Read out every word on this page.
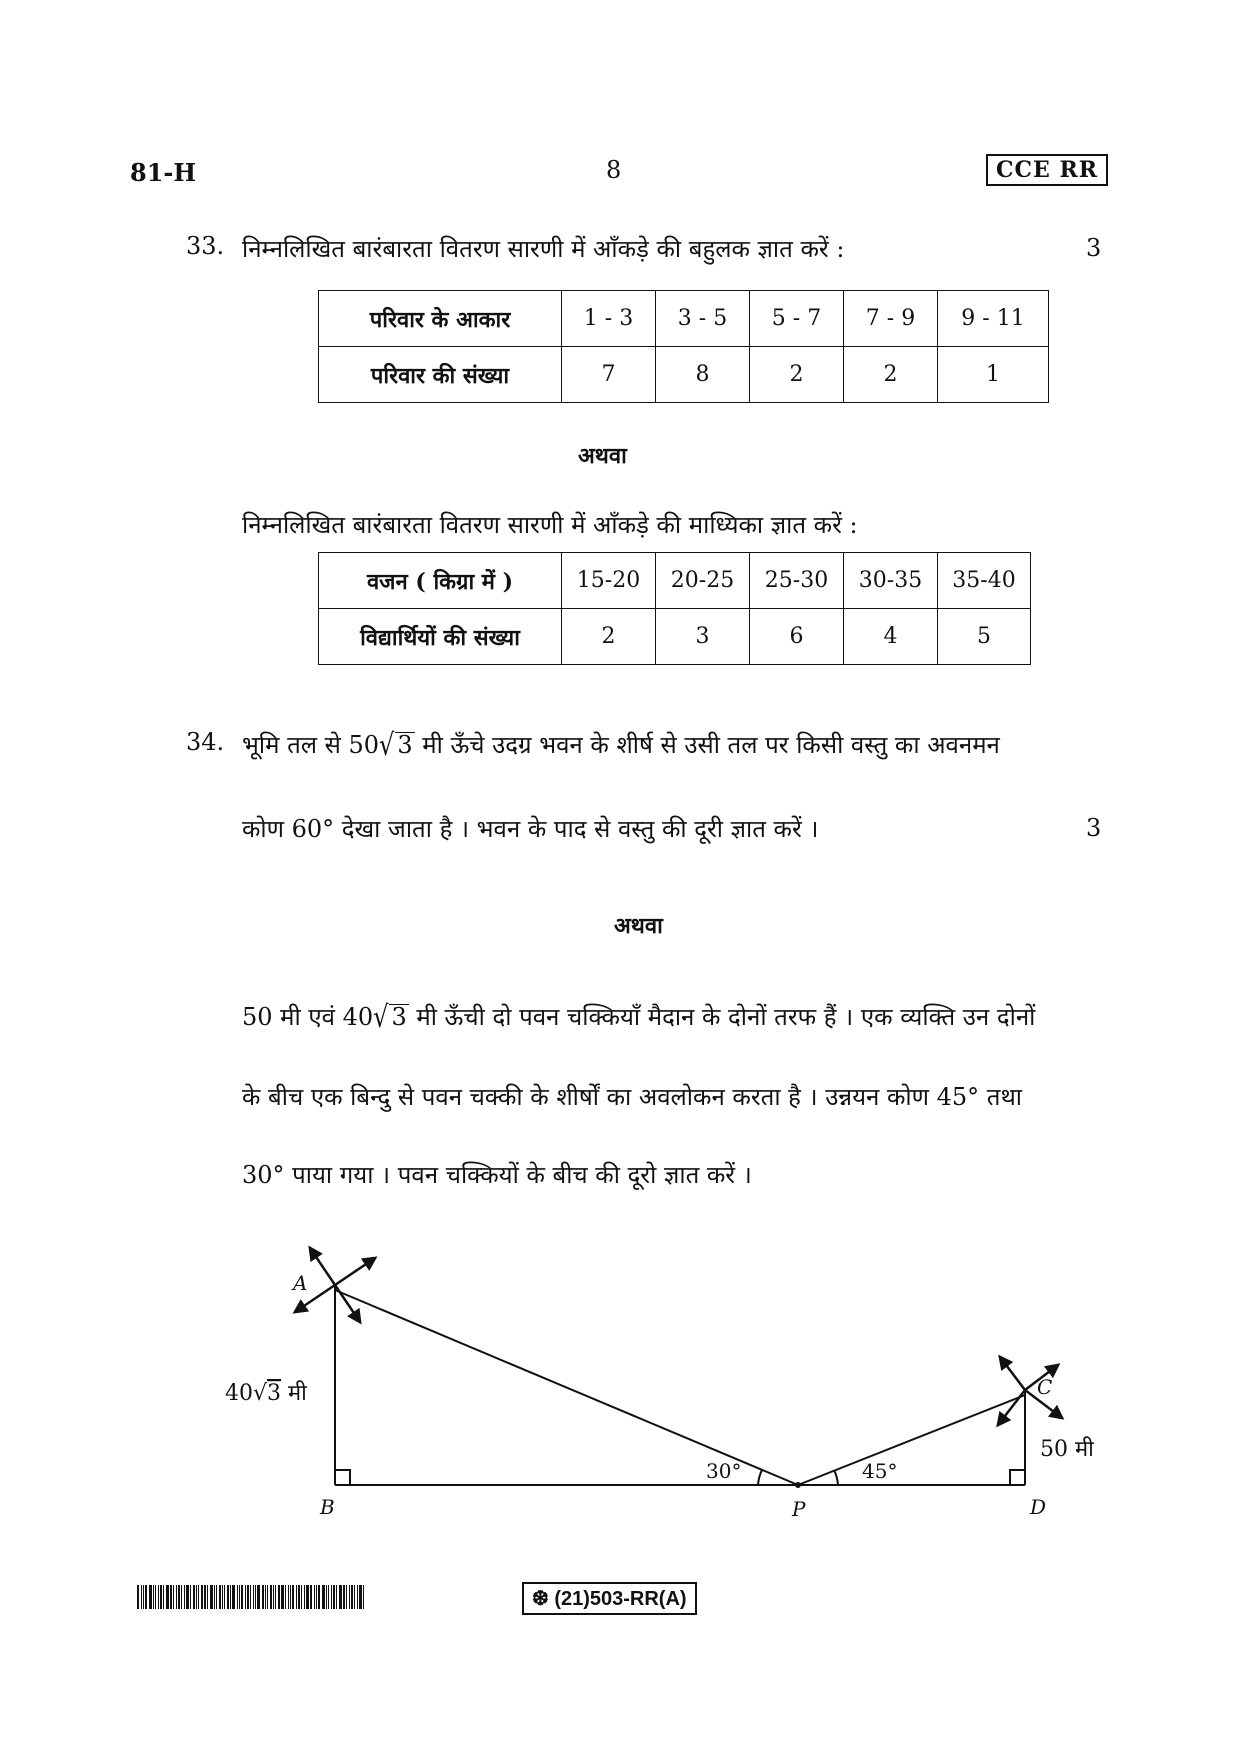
81-H	8	CCE RR
33. निम्नलिखित बारंबारता वितरण सारणी में आँकड़े की बहुलक ज्ञात करें :	3
परिवार के आकार	1 - 3	3 - 5	5 - 7	7 - 9	9 - 11
परिवार की संख्या	7	8	2	2	1
अथवा
निम्नलिखित बारंबारता वितरण सारणी में आँकड़े की माध्यिका ज्ञात करें :
वजन ( किग्रा में )	15-20	20-25	25-30	30-35	35-40
विद्यार्थियों की संख्या	2	3	6	4	5
34. भूमि तल से 50√ 3 मी ऊँचे उदग्र भवन के शीर्ष से उसी तल पर किसी वस्तु का अवनमन
कोण 60° देखा जाता है । भवन के पाद से वस्तु की दूरी ज्ञात करें ।	3
अथवा
50 मी एवं 40√ 3 मी ऊँची दो पवन चक्कियाँ मैदान के दोनों तरफ हैं । एक व्यक्ति उन दोनों
के बीच एक बिन्दु से पवन चक्की के शीर्षों का अवलोकन करता है । उन्नयन कोण 45° तथा
30° पाया गया । पवन चक्कियों के बीच की दूरो ज्ञात करें ।
A
B	P
C
D
30°	45°
40√3 मी
50 मी
❆ (21)503-RR(A)
